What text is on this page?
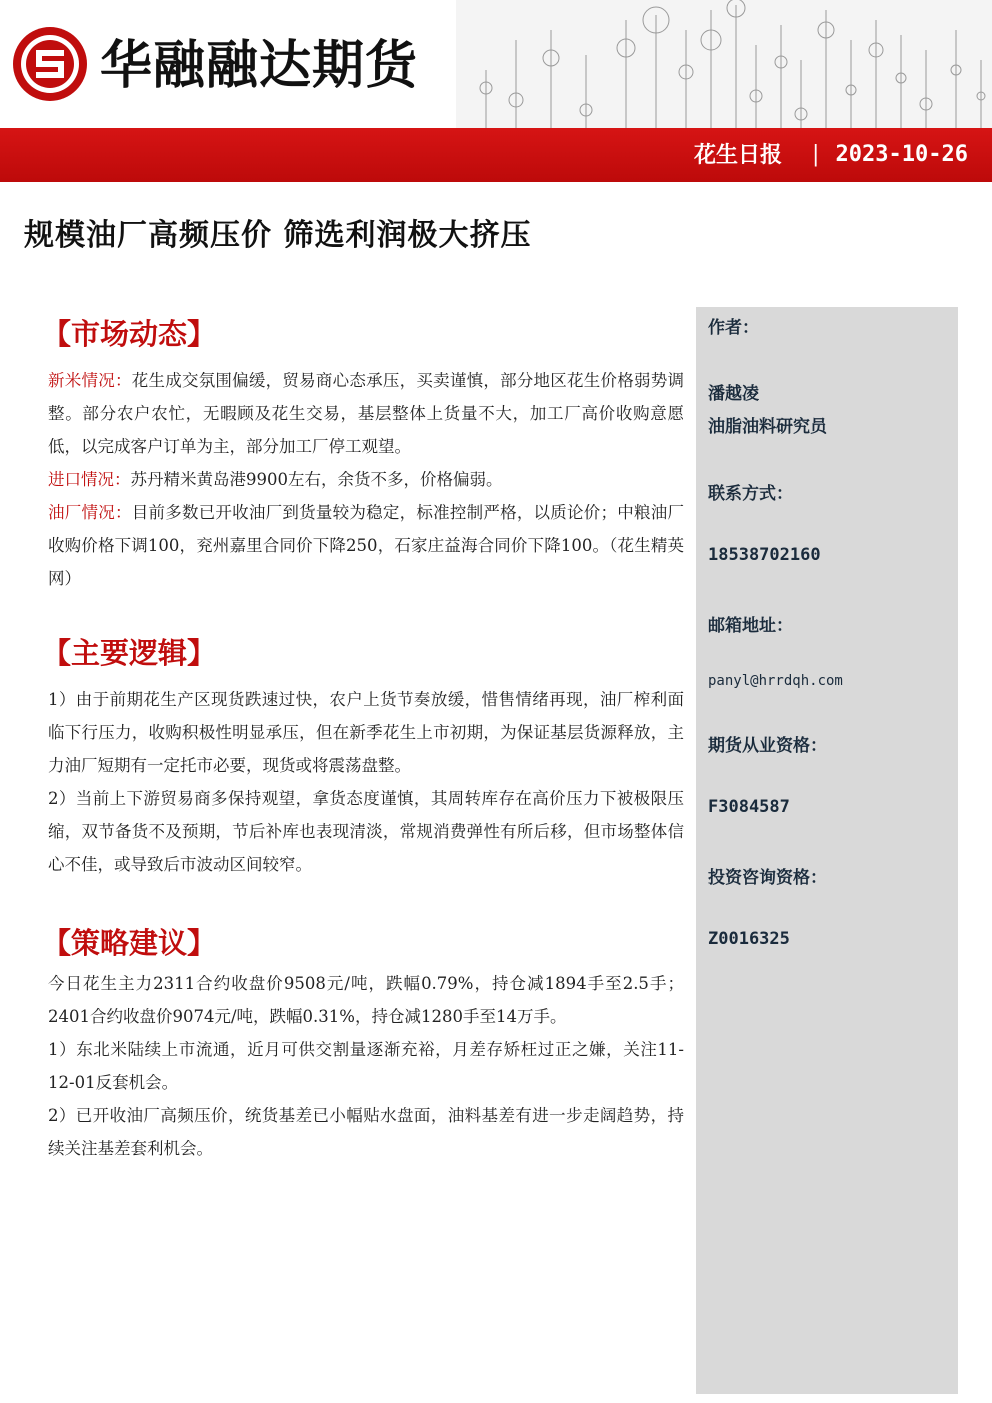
华融融达期货
花生日报 | 2023-10-26
规模油厂高频压价 筛选利润极大挤压
【市场动态】

新米情况：花生成交氛围偏缓，贸易商心态承压，买卖谨慎，部分地区花生价格弱势调整。部分农户农忙，无暇顾及花生交易，基层整体上货量不大，加工厂高价收购意愿低，以完成客户订单为主，部分加工厂停工观望。

进口情况：苏丹精米黄岛港9900左右，余货不多，价格偏弱。

油厂情况：目前多数已开收油厂到货量较为稳定，标准控制严格，以质论价；中粮油厂收购价格下调100，兖州嘉里合同价下降250，石家庄益海合同价下降100。（花生精英网）

【主要逻辑】

1）由于前期花生产区现货跌速过快，农户上货节奏放缓，惜售情绪再现，油厂榨利面临下行压力，收购积极性明显承压，但在新季花生上市初期，为保证基层货源释放，主力油厂短期有一定托市必要，现货或将震荡盘整。

2）当前上下游贸易商多保持观望，拿货态度谨慎，其周转库存在高价压力下被极限压缩，双节备货不及预期，节后补库也表现清淡，常规消费弹性有所后移，但市场整体信心不佳，或导致后市波动区间较窄。

【策略建议】

今日花生主力2311合约收盘价9508元/吨，跌幅0.79%，持仓减1894手至2.5手；2401合约收盘价9074元/吨，跌幅0.31%，持仓减1280手至14万手。

1）东北米陆续上市流通，近月可供交割量逐渐充裕，月差存矫枉过正之嫌，关注11-12-01反套机会。

2）已开收油厂高频压价，统货基差已小幅贴水盘面，油料基差有进一步走阔趋势，持续关注基差套利机会。

作者：
潘越凌
油脂油料研究员
联系方式：
18538702160
邮箱地址：
panyl@hrrdqh.com
期货从业资格：
F3084587
投资咨询资格：
Z0016325
